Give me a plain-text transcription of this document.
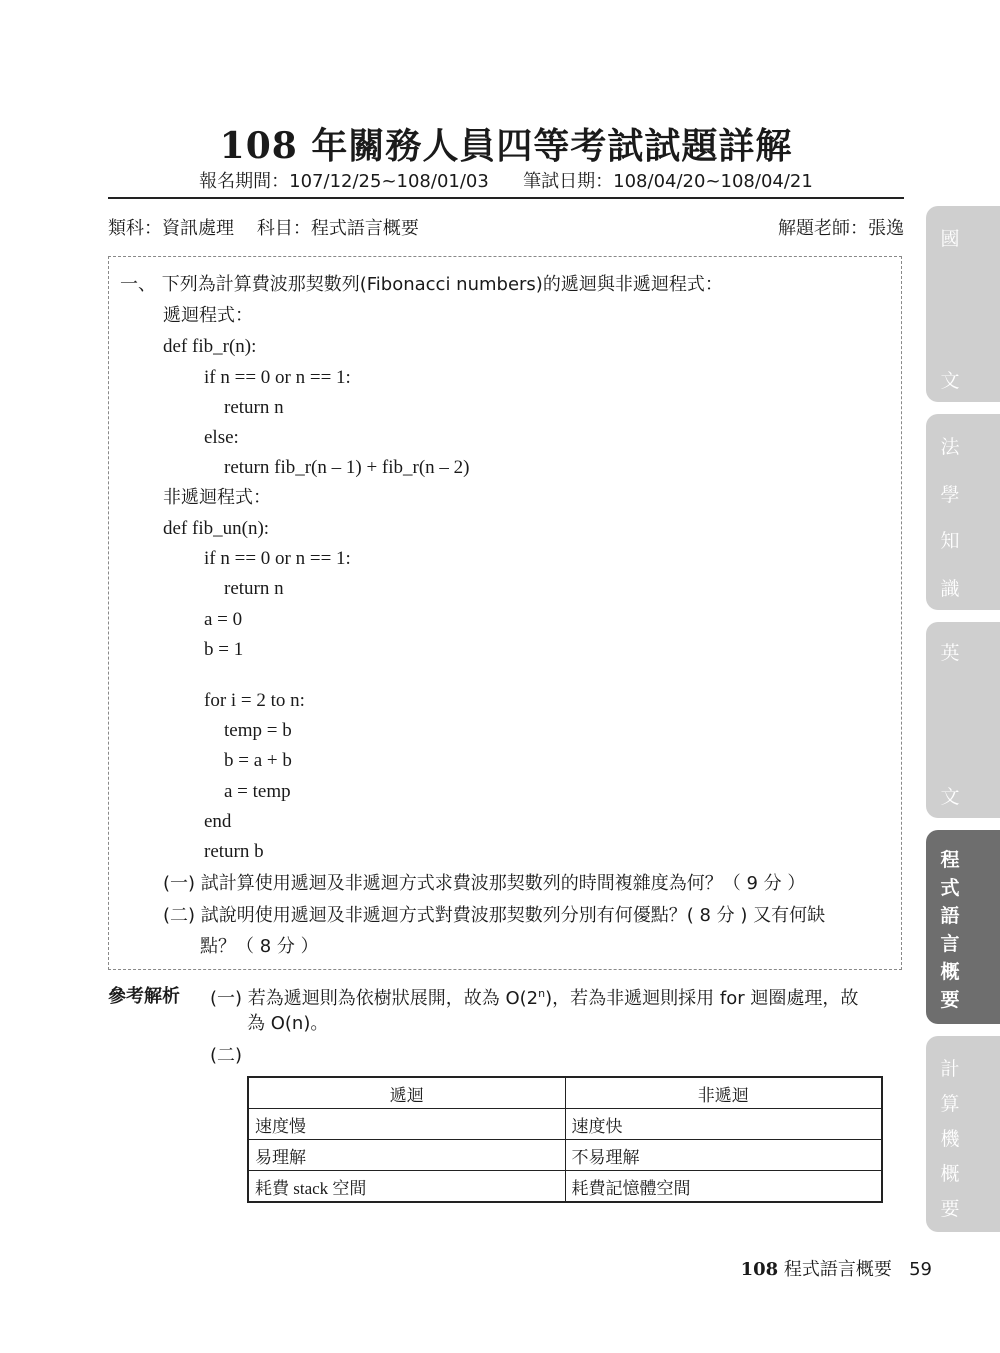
108 年關務人員四等考試試題詳解
報名期間：107/12/25~108/01/03      筆試日期：108/04/20~108/04/21
類科：資訊處理    科目：程式語言概要	解題老師：張逸
一、 下列為計算費波那契數列(Fibonacci numbers)的遞迴與非遞迴程式：
遞迴程式：
def fib_r(n):
if n == 0 or n == 1:
return n
else:
return fib_r(n – 1) + fib_r(n – 2)
非遞迴程式：
def fib_un(n):
if n == 0 or n == 1:
return n
a = 0
b = 1
for i = 2 to n:
temp = b
b = a + b
a = temp
end
return b
(一) 試計算使用遞迴及非遞迴方式求費波那契數列的時間複雜度為何？（ 9 分 ）
(二) 試說明使用遞迴及非遞迴方式對費波那契數列分別有何優點？( 8 分 ) 又有何缺
點？（ 8 分 ）
參考解析 (一) 若為遞迴則為依樹狀展開，故為 O(2$^n$)，若為非遞迴則採用 for 迴圈處理，故
為 O(n)。
(二)
遞迴	非遞迴
速度慢	速度快
易理解	不易理解
耗費 stack 空間	耗費記憶體空間
國
文
法
學
知
識
英
文
程
式
語
言
概
要
計
算
機
概
要
108 程式語言概要 59
